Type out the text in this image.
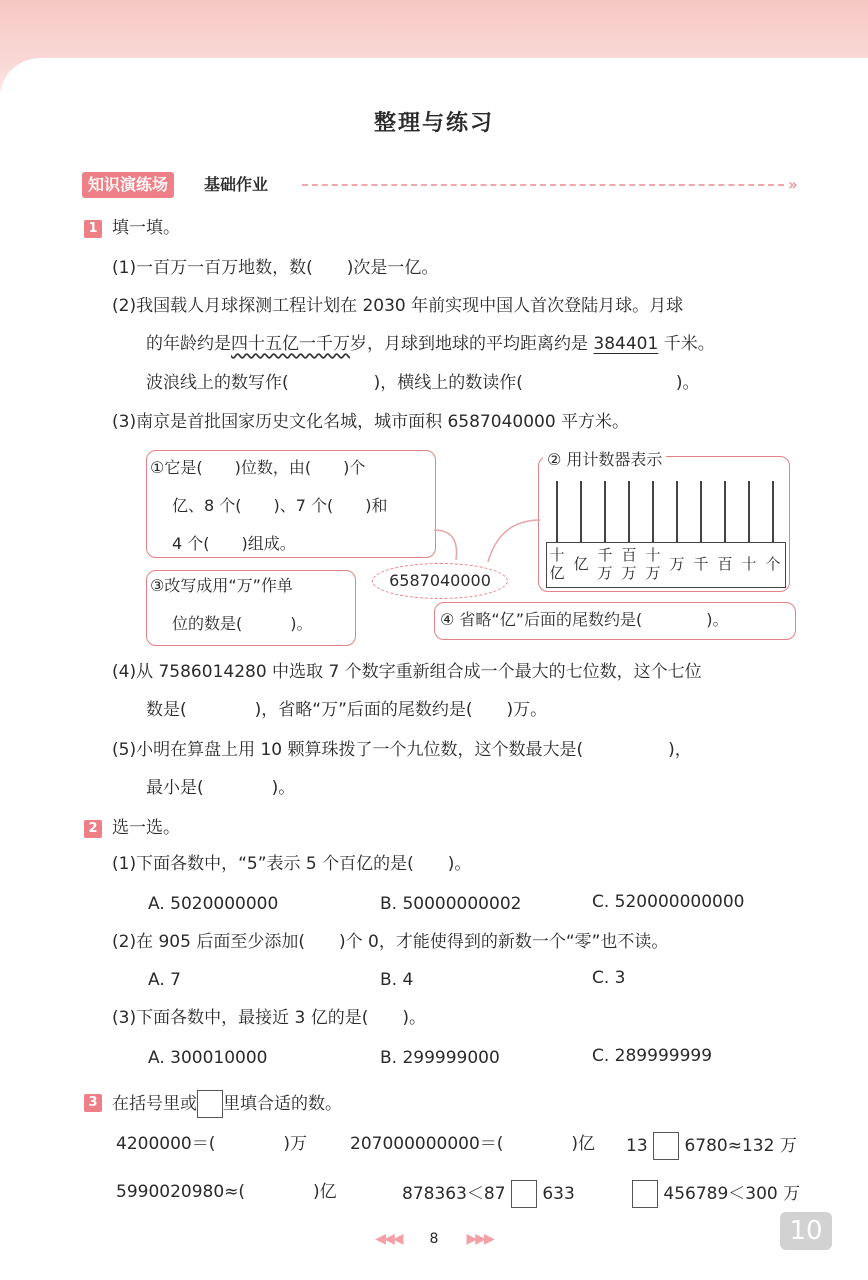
整理与练习
知识演练场	基础作业	»
1 填一填。
(1)一百万一百万地数，数(　　)次是一亿。
(2)我国载人月球探测工程计划在 2030 年前实现中国人首次登陆月球。月球
的年龄约是四十五亿一千万岁，月球到地球的平均距离约是 384401 千米。
波浪线上的数写作(　　　　　)，横线上的数读作(　　　　　　　　　)。
(3)南京是首批国家历史文化名城，城市面积 6587040000 平方米。
①它是(　　)位数，由(　　)个
亿、8 个(　　)、7 个(　　)和
4 个(　　)组成。
② 用计数器表示
十亿 亿 千万
百万
十万 万 千 百 十 个
6587040000
③改写成用“万”作单
位的数是(　　　)。	④ 省略“亿”后面的尾数约是(　　　　)。
(4)从 7586014280 中选取 7 个数字重新组合成一个最大的七位数，这个七位
数是(　　　　)，省略“万”后面的尾数约是(　　)万。
(5)小明在算盘上用 10 颗算珠拨了一个九位数，这个数最大是(　　　　　)，
最小是(　　　　)。
2 选一选。
(1)下面各数中，“5”表示 5 个百亿的是(　　)。
A. 5020000000	B. 50000000002	C. 520000000000
(2)在 905 后面至少添加(　　)个 0，才能使得到的新数一个“零”也不读。
A. 7	B. 4	C. 3
(3)下面各数中，最接近 3 亿的是(　　)。
A. 300010000	B. 299999000	C. 289999999
3 在括号里或 里填合适的数。
4200000＝(　　　　)万	207000000000＝(　　　　)亿 13 6780≈132 万
5990020980≈(　　　　)亿	878363＜87 633	456789＜300 万
◀◀◀　　 8　　 ▶▶▶	10
